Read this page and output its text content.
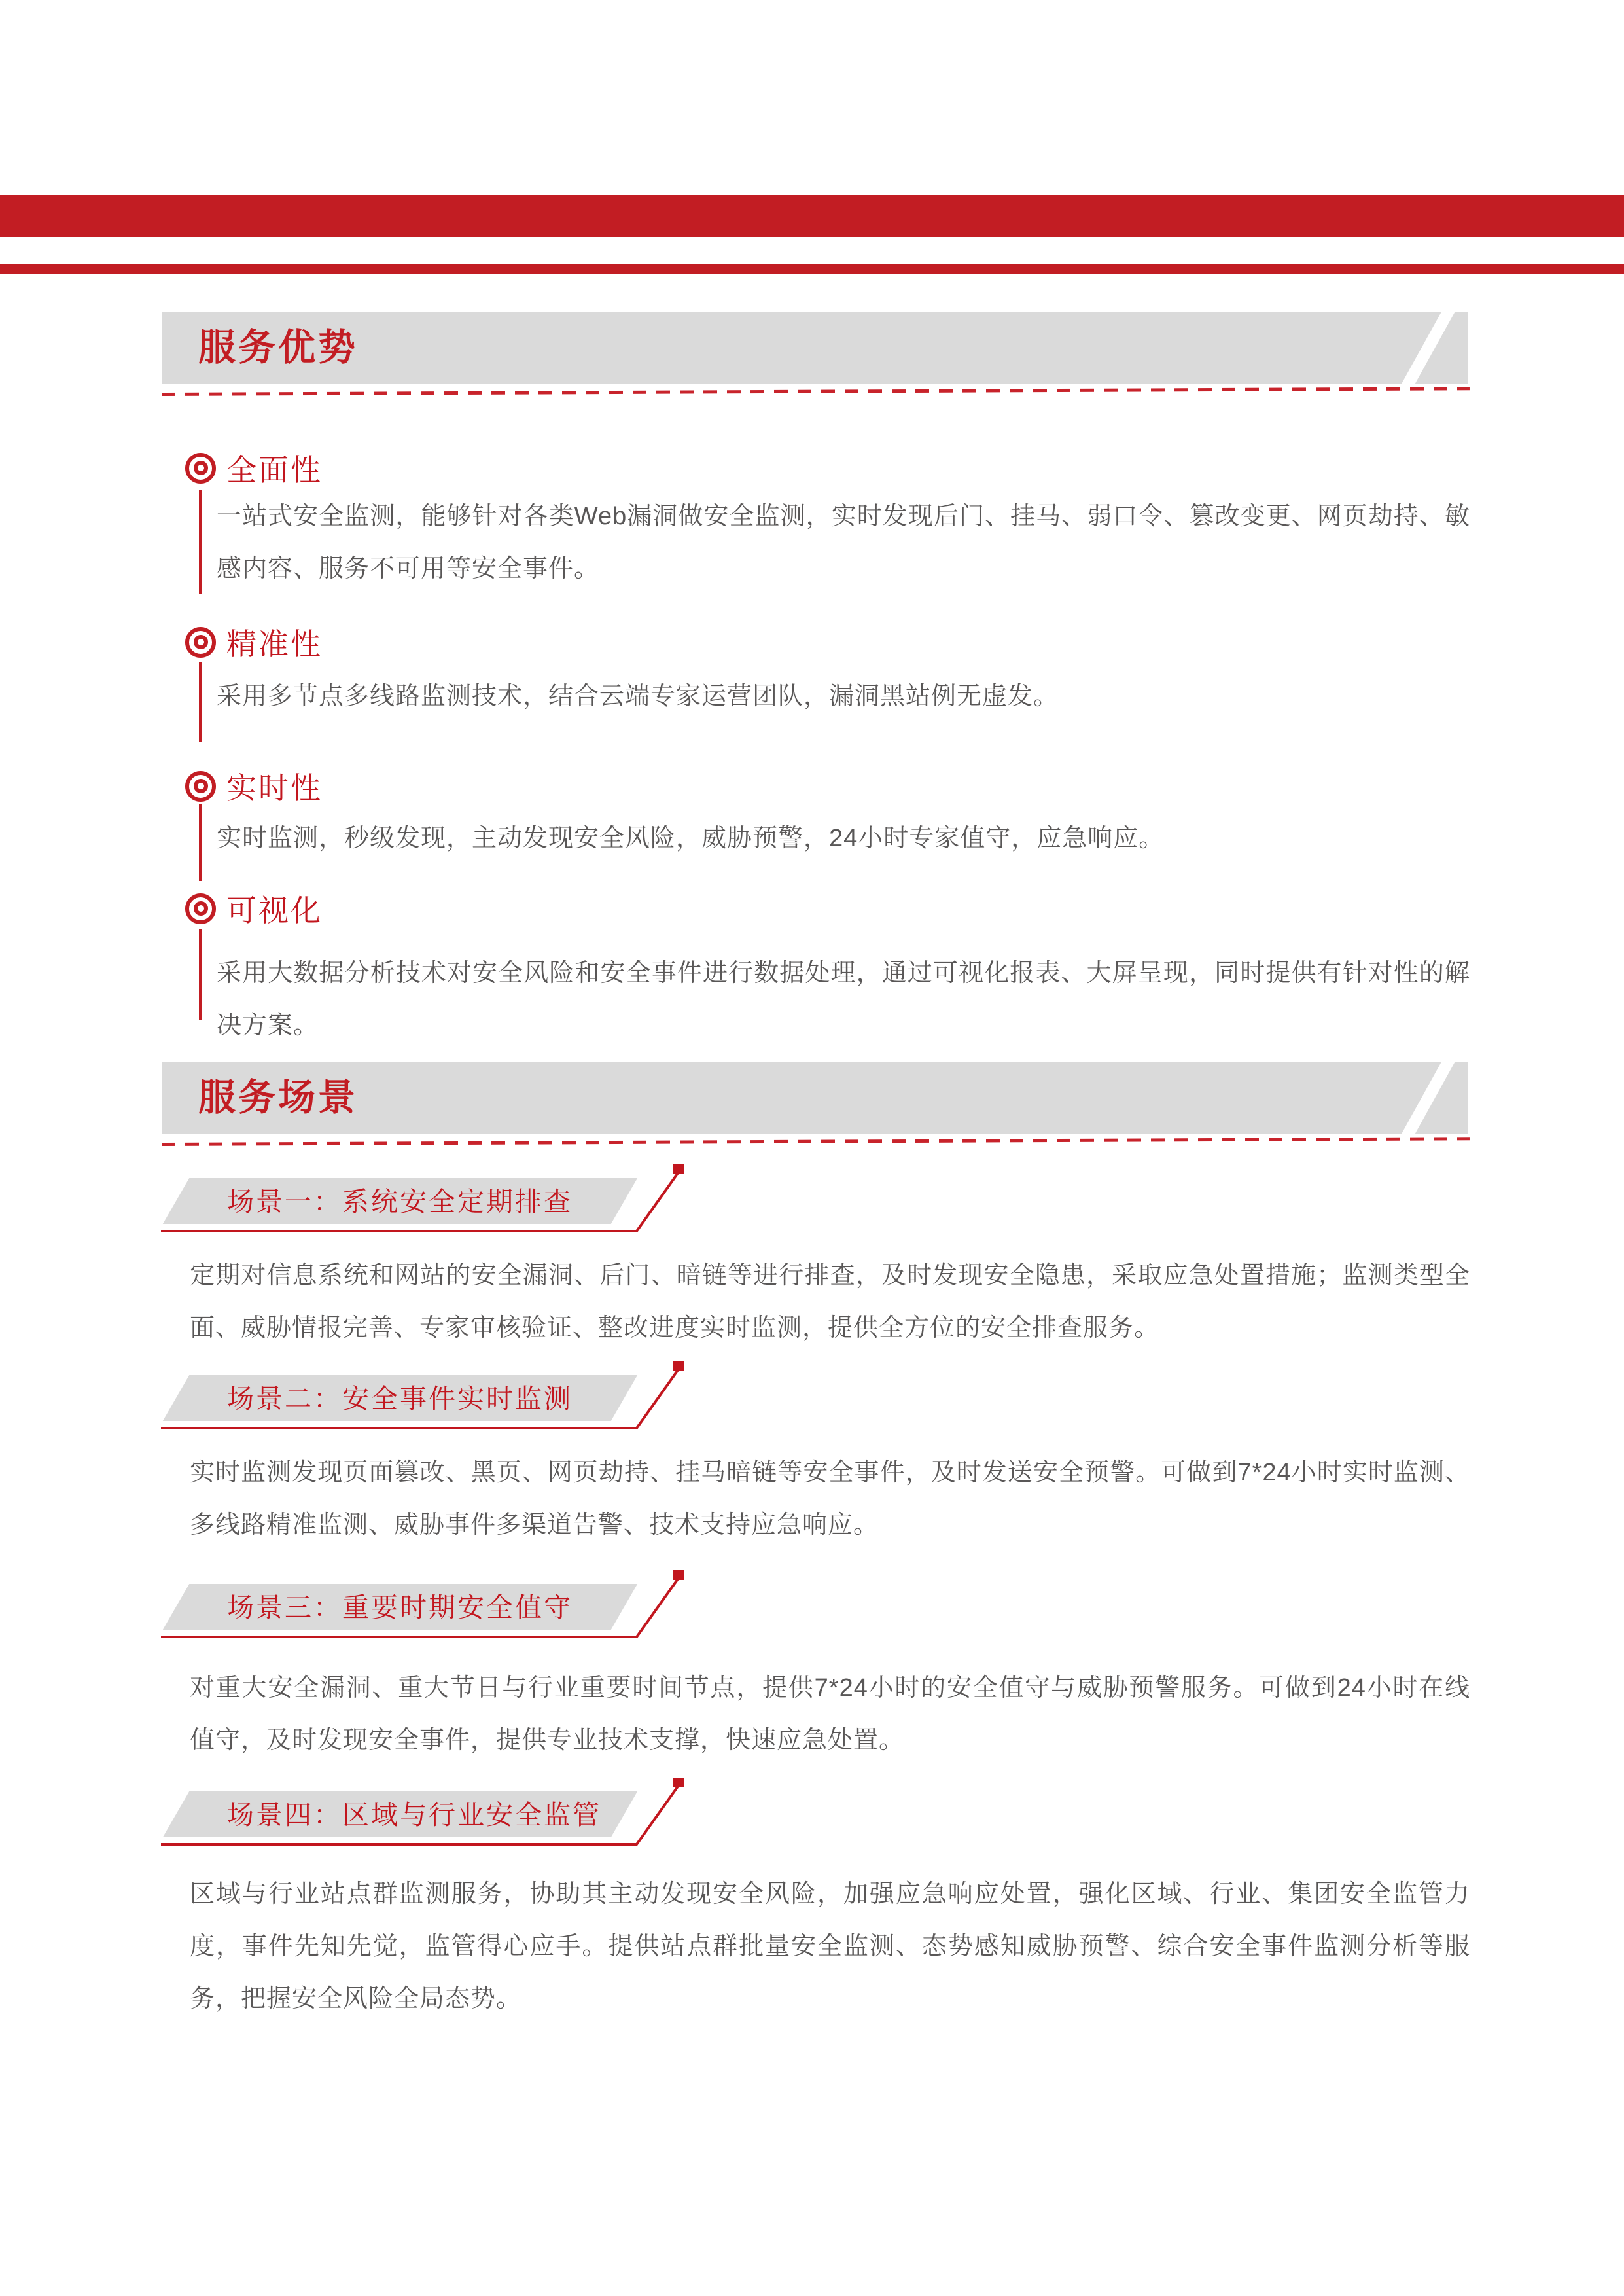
服务优势
全面性
一站式安全监测，能够针对各类Web漏洞做安全监测，实时发现后门、挂马、弱口令、篡改变更、网页劫持、敏感内容、服务不可用等安全事件。
精准性
采用多节点多线路监测技术，结合云端专家运营团队，漏洞黑站例无虚发。
实时性
实时监测，秒级发现，主动发现安全风险，威胁预警，24小时专家值守，应急响应。
可视化
采用大数据分析技术对安全风险和安全事件进行数据处理，通过可视化报表、大屏呈现，同时提供有针对性的解决方案。
服务场景
场景一：系统安全定期排查
定期对信息系统和网站的安全漏洞、后门、暗链等进行排查，及时发现安全隐患，采取应急处置措施；监测类型全面、威胁情报完善、专家审核验证、整改进度实时监测，提供全方位的安全排查服务。
场景二：安全事件实时监测
实时监测发现页面篡改、黑页、网页劫持、挂马暗链等安全事件，及时发送安全预警。可做到7*24小时实时监测、多线路精准监测、威胁事件多渠道告警、技术支持应急响应。
场景三：重要时期安全值守
对重大安全漏洞、重大节日与行业重要时间节点，提供7*24小时的安全值守与威胁预警服务。可做到24小时在线值守，及时发现安全事件，提供专业技术支撑，快速应急处置。
场景四：区域与行业安全监管
区域与行业站点群监测服务，协助其主动发现安全风险，加强应急响应处置，强化区域、行业、集团安全监管力度，事件先知先觉，监管得心应手。提供站点群批量安全监测、态势感知威胁预警、综合安全事件监测分析等服务，把握安全风险全局态势。
